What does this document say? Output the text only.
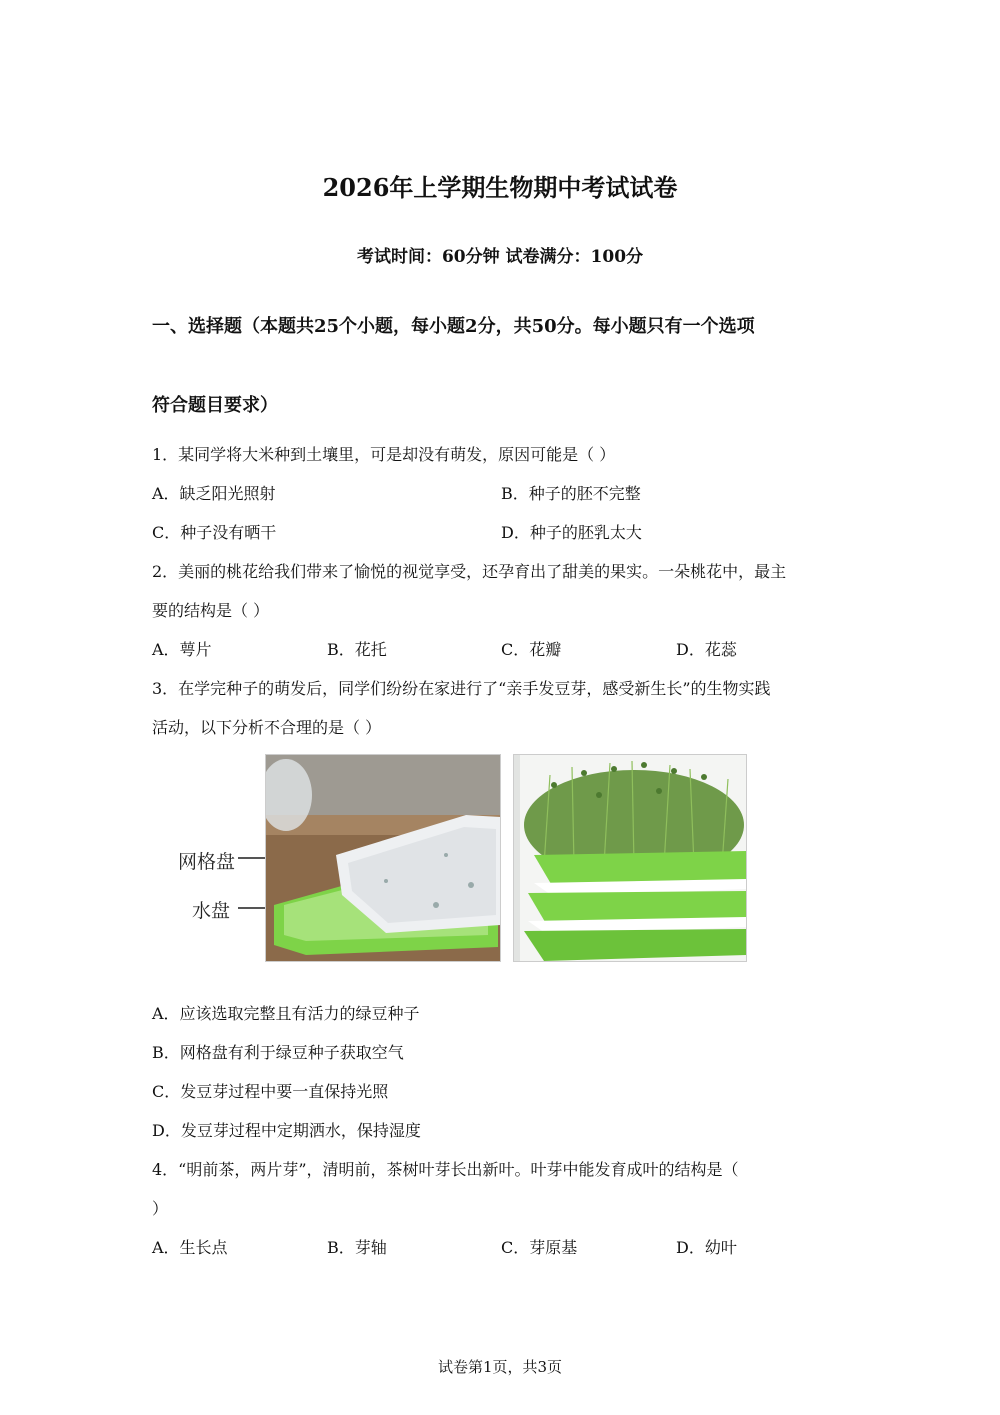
2026年上学期生物期中考试试卷
考试时间：60分钟 试卷满分：100分
一、选择题（本题共25个小题，每小题2分，共50分。每小题只有一个选项
符合题目要求）
1．某同学将大米种到土壤里，可是却没有萌发，原因可能是（ ）
A．缺乏阳光照射	B．种子的胚不完整
C．种子没有晒干	D．种子的胚乳太大
2．美丽的桃花给我们带来了愉悦的视觉享受，还孕育出了甜美的果实。一朵桃花中，最主
要的结构是（ ）
A．萼片	B．花托	C．花瓣	D．花蕊
3．在学完种子的萌发后，同学们纷纷在家进行了“亲手发豆芽，感受新生长”的生物实践
活动，以下分析不合理的是（ ）
网格盘
水盘
A．应该选取完整且有活力的绿豆种子
B．网格盘有利于绿豆种子获取空气
C．发豆芽过程中要一直保持光照
D．发豆芽过程中定期洒水，保持湿度
4．“明前茶，两片芽”，清明前，茶树叶芽长出新叶。叶芽中能发育成叶的结构是（
）
A．生长点	B．芽轴	C．芽原基	D．幼叶
试卷第1页，共3页
